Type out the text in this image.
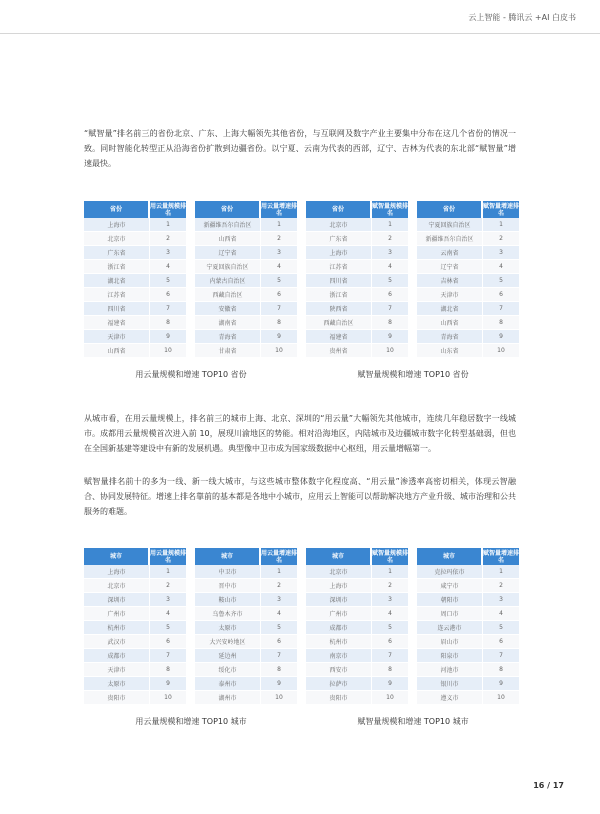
云上智能 - 腾讯云 +AI 白皮书

“赋智量”排名前三的省份北京、广东、上海大幅领先其他省份，与互联网及数字产业主要集中分布在这几个省份的情况一致。同时智能化转型正从沿海省份扩散到边疆省份。以宁夏、云南为代表的西部，辽宁、吉林为代表的东北部“赋智量”增速最快。

省份	用云量规模排名
上海市	1
北京市	2
广东省	3
浙江省	4
湖北省	5
江苏省	6
四川省	7
福建省	8
天津市	9
山西省	10
省份	用云量增速排名
新疆维吾尔自治区	1
山西省	2
辽宁省	3
宁夏回族自治区	4
内蒙古自治区	5
西藏自治区	6
安徽省	7
湖南省	8
青海省	9
甘肃省	10
省份	赋智量规模排名
北京市	1
广东省	2
上海市	3
江苏省	4
四川省	5
浙江省	6
陕西省	7
西藏自治区	8
福建省	9
贵州省	10
省份	赋智量增速排名
宁夏回族自治区	1
新疆维吾尔自治区	2
云南省	3
辽宁省	4
吉林省	5
天津市	6
湖北省	7
山西省	8
青海省	9
山东省	10
用云量规模和增速 TOP10 省份	赋智量规模和增速 TOP10 省份

从城市看，在用云量规模上，排名前三的城市上海、北京、深圳的“用云量”大幅领先其他城市，连续几年稳居数字一线城市。成都用云量规模首次进入前 10，展现川渝地区的势能。相对沿海地区，内陆城市及边疆城市数字化转型基础弱，但也在全国新基建等建设中有新的发展机遇。典型像中卫市成为国家级数据中心枢纽，用云量增幅第一。

赋智量排名前十的多为一线、新一线大城市，与这些城市整体数字化程度高、“用云量”渗透率高密切相关，体现云智融合、协同发展特征。增速上排名靠前的基本都是各地中小城市，应用云上智能可以帮助解决地方产业升级、城市治理和公共服务的难题。

城市	用云量规模排名
上海市	1
北京市	2
深圳市	3
广州市	4
杭州市	5
武汉市	6
成都市	7
天津市	8
太原市	9
贵阳市	10
城市	用云量增速排名
中卫市	1
晋中市	2
鞍山市	3
乌鲁木齐市	4
太原市	5
大兴安岭地区	6
延边州	7
绥化市	8
泰州市	9
湖州市	10
城市	赋智量规模排名
北京市	1
上海市	2
深圳市	3
广州市	4
成都市	5
杭州市	6
南京市	7
西安市	8
拉萨市	9
贵阳市	10
城市	赋智量增速排名
克拉玛依市	1
咸宁市	2
朝阳市	3
周口市	4
连云港市	5
眉山市	6
阳泉市	7
河池市	8
银川市	9
遵义市	10
用云量规模和增速 TOP10 城市	赋智量规模和增速 TOP10 城市
16 / 17
